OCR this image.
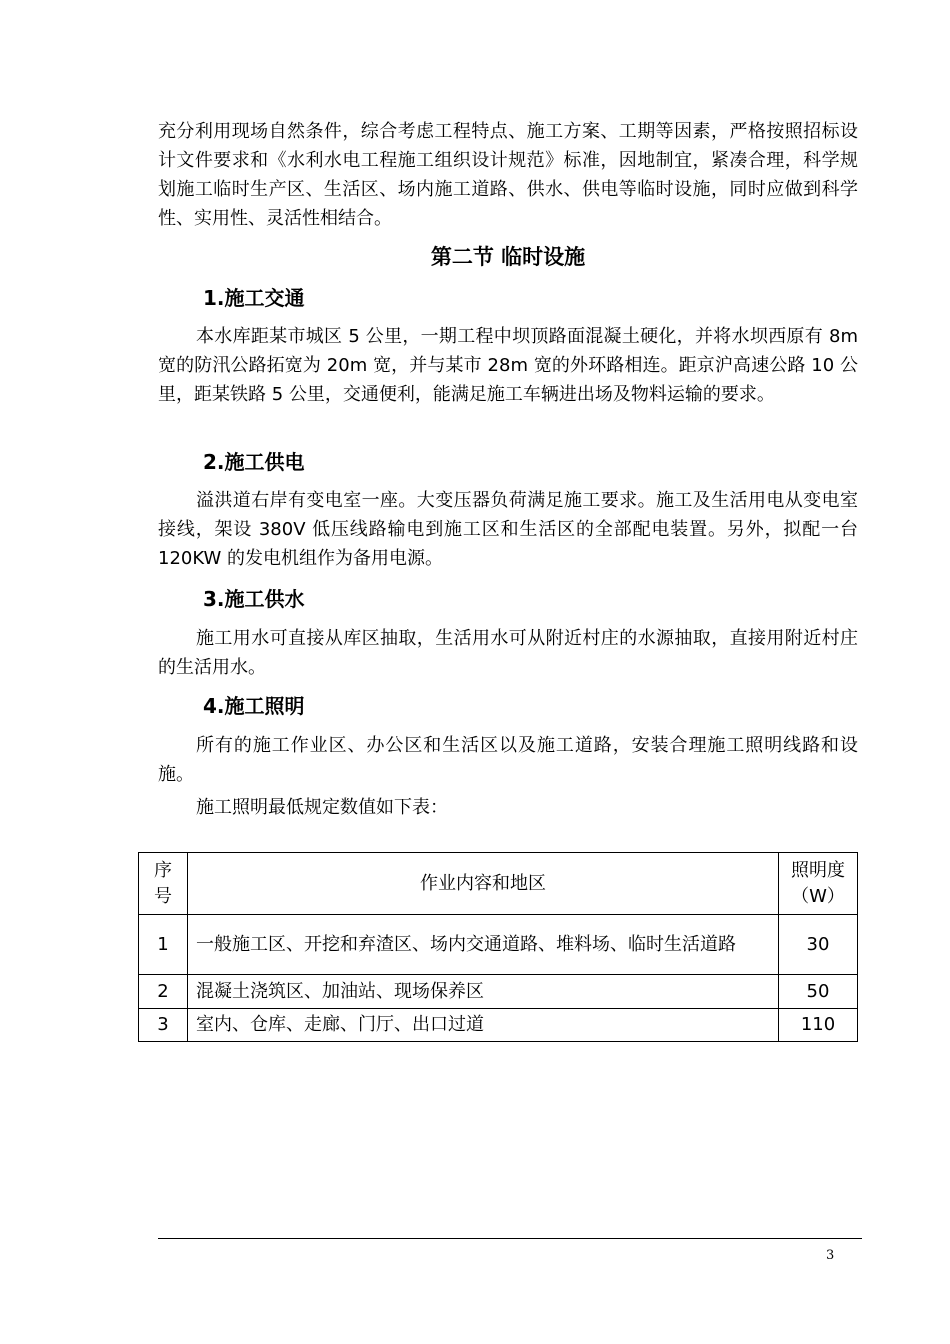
充分利用现场自然条件，综合考虑工程特点、施工方案、工期等因素，严格按照招标设计文件要求和《水利水电工程施工组织设计规范》标准，因地制宜，紧凑合理，科学规划施工临时生产区、生活区、场内施工道路、供水、供电等临时设施，同时应做到科学性、实用性、灵活性相结合。

第二节 临时设施
1.施工交通

本水库距某市城区 5 公里，一期工程中坝顶路面混凝土硬化，并将水坝西原有 8m 宽的防汛公路拓宽为 20m 宽，并与某市 28m 宽的外环路相连。距京沪高速公路 10 公里，距某铁路 5 公里，交通便利，能满足施工车辆进出场及物料运输的要求。

2.施工供电

溢洪道右岸有变电室一座。大变压器负荷满足施工要求。施工及生活用电从变电室接线，架设 380V 低压线路输电到施工区和生活区的全部配电装置。另外，拟配一台 120KW 的发电机组作为备用电源。

3.施工供水

施工用水可直接从库区抽取，生活用水可从附近村庄的水源抽取，直接用附近村庄的生活用水。

4.施工照明

所有的施工作业区、办公区和生活区以及施工道路，安装合理施工照明线路和设施。

施工照明最低规定数值如下表：

序号	作业内容和地区	照明度（W）
1	一般施工区、开挖和弃渣区、场内交通道路、堆料场、临时生活道路	30
2	混凝土浇筑区、加油站、现场保养区	50
3	室内、仓库、走廊、门厅、出口过道	110
3
